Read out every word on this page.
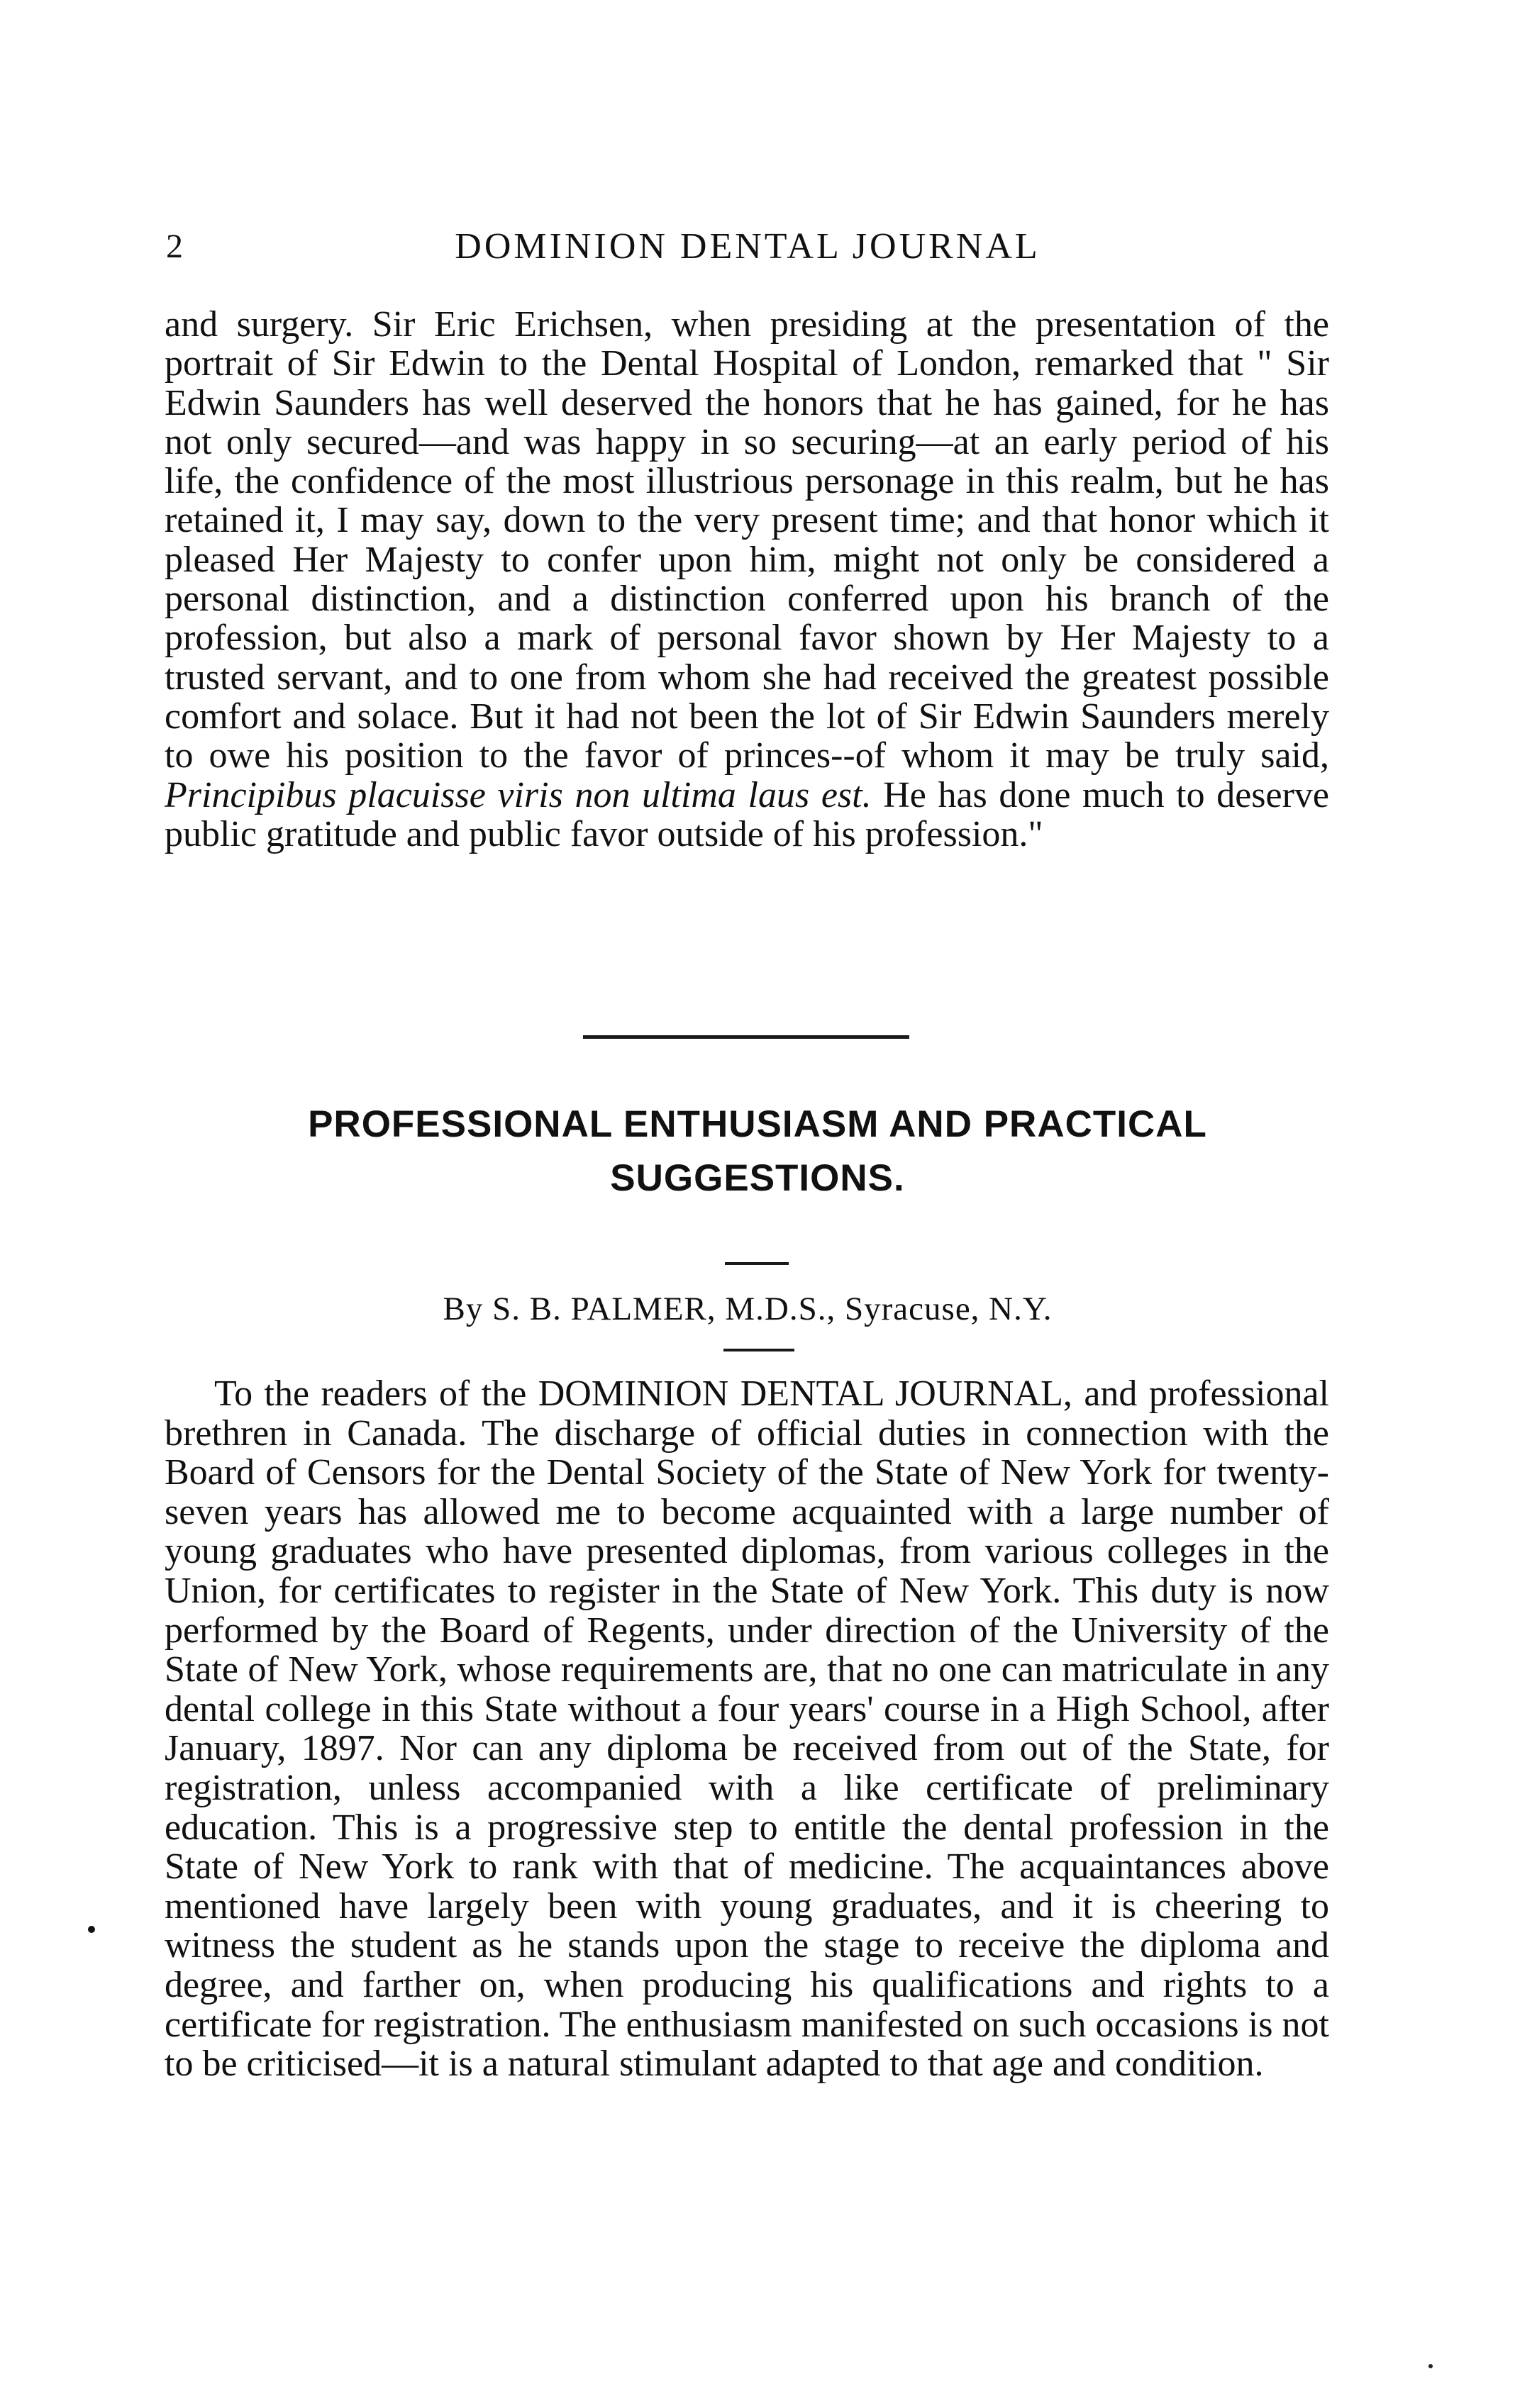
2	DOMINION DENTAL JOURNAL

and surgery. Sir Eric Erichsen, when presiding at the presentation of the portrait of Sir Edwin to the Dental Hospital of London, remarked that " Sir Edwin Saunders has well deserved the honors that he has gained, for he has not only secured—and was happy in so securing—at an early period of his life, the confidence of the most illustrious personage in this realm, but he has retained it, I may say, down to the very present time; and that honor which it pleased Her Majesty to confer upon him, might not only be considered a personal distinction, and a distinction conferred upon his branch of the profession, but also a mark of personal favor shown by Her Majesty to a trusted servant, and to one from whom she had received the greatest possible comfort and solace. But it had not been the lot of Sir Edwin Saunders merely to owe his position to the favor of princes--of whom it may be truly said, Principibus placuisse viris non ultima laus est. He has done much to deserve public gratitude and public favor outside of his profession."

PROFESSIONAL ENTHUSIASM AND PRACTICAL SUGGESTIONS.

By S. B. PALMER, M.D.S., Syracuse, N.Y.

To the readers of the DOMINION DENTAL JOURNAL, and professional brethren in Canada. The discharge of official duties in connection with the Board of Censors for the Dental Society of the State of New York for twenty-seven years has allowed me to become acquainted with a large number of young graduates who have presented diplomas, from various colleges in the Union, for certificates to register in the State of New York. This duty is now performed by the Board of Regents, under direction of the University of the State of New York, whose requirements are, that no one can matriculate in any dental college in this State without a four years' course in a High School, after January, 1897. Nor can any diploma be received from out of the State, for registration, unless accompanied with a like certificate of preliminary education. This is a progressive step to entitle the dental profession in the State of New York to rank with that of medicine. The acquaintances above mentioned have largely been with young graduates, and it is cheering to witness the student as he stands upon the stage to receive the diploma and degree, and farther on, when producing his qualifications and rights to a certificate for registration. The enthusiasm manifested on such occasions is not to be criticised—it is a natural stimulant adapted to that age and condition.
